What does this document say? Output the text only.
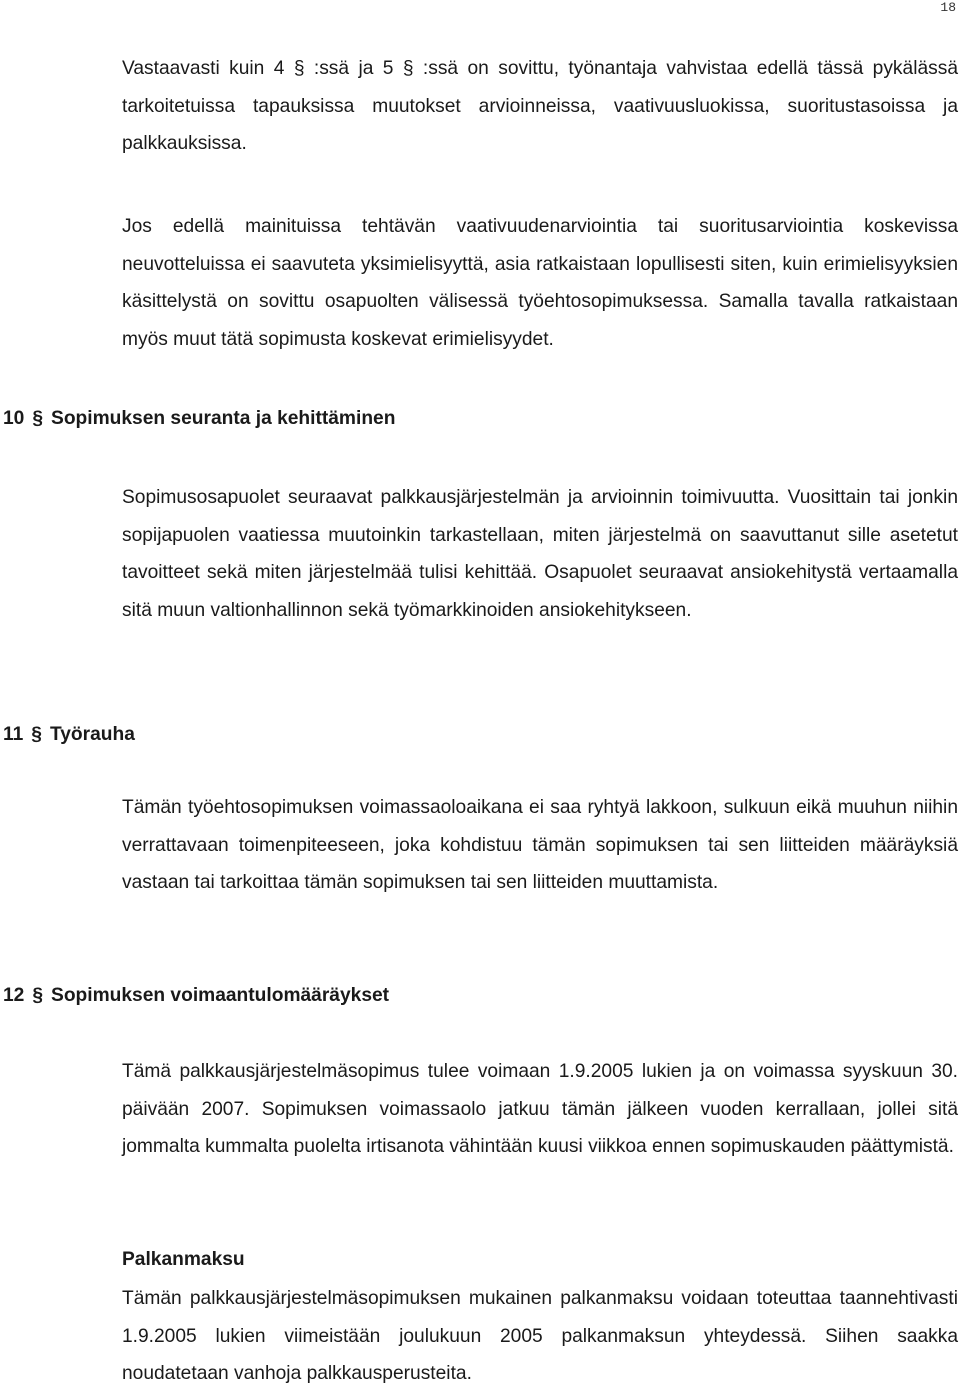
18

Vastaavasti kuin 4 § :ssä ja 5 § :ssä on sovittu, työnantaja vahvistaa edellä tässä pykälässä tarkoitetuissa tapauksissa muutokset arvioinneissa, vaativuusluokissa, suoritustasoissa ja palkkauksissa.

Jos edellä mainituissa tehtävän vaativuudenarviointia tai suoritusarviointia koskevissa neuvotteluissa ei saavuteta yksimielisyyttä, asia ratkaistaan lopullisesti siten, kuin erimielisyyksien käsittelystä on sovittu osapuolten välisessä työehtosopimuksessa. Samalla tavalla ratkaistaan myös muut tätä sopimusta koskevat erimielisyydet.

10 § Sopimuksen seuranta ja kehittäminen

Sopimusosapuolet seuraavat palkkausjärjestelmän ja arvioinnin toimivuutta. Vuosittain tai jonkin sopijapuolen vaatiessa muutoinkin tarkastellaan, miten järjestelmä on saavuttanut sille asetetut tavoitteet sekä miten järjestelmää tulisi kehittää. Osapuolet seuraavat ansiokehitystä vertaamalla sitä muun valtionhallinnon sekä työmarkkinoiden ansiokehitykseen.

11 § Työrauha

Tämän työehtosopimuksen voimassaoloaikana ei saa ryhtyä lakkoon, sulkuun eikä muuhun niihin verrattavaan toimenpiteeseen, joka kohdistuu tämän sopimuksen tai sen liitteiden määräyksiä vastaan tai tarkoittaa tämän sopimuksen tai sen liitteiden muuttamista.

12 § Sopimuksen voimaantulomääräykset

Tämä palkkausjärjestelmäsopimus tulee voimaan 1.9.2005 lukien ja on voimassa syyskuun 30. päivään 2007. Sopimuksen voimassaolo jatkuu tämän jälkeen vuoden kerrallaan, jollei sitä jommalta kummalta puolelta irtisanota vähintään kuusi viikkoa ennen sopimuskauden päättymistä.

Palkanmaksu

Tämän palkkausjärjestelmäsopimuksen mukainen palkanmaksu voidaan toteuttaa taannehtivasti 1.9.2005 lukien viimeistään joulukuun 2005 palkanmaksun yhteydessä. Siihen saakka noudatetaan vanhoja palkkausperusteita.
